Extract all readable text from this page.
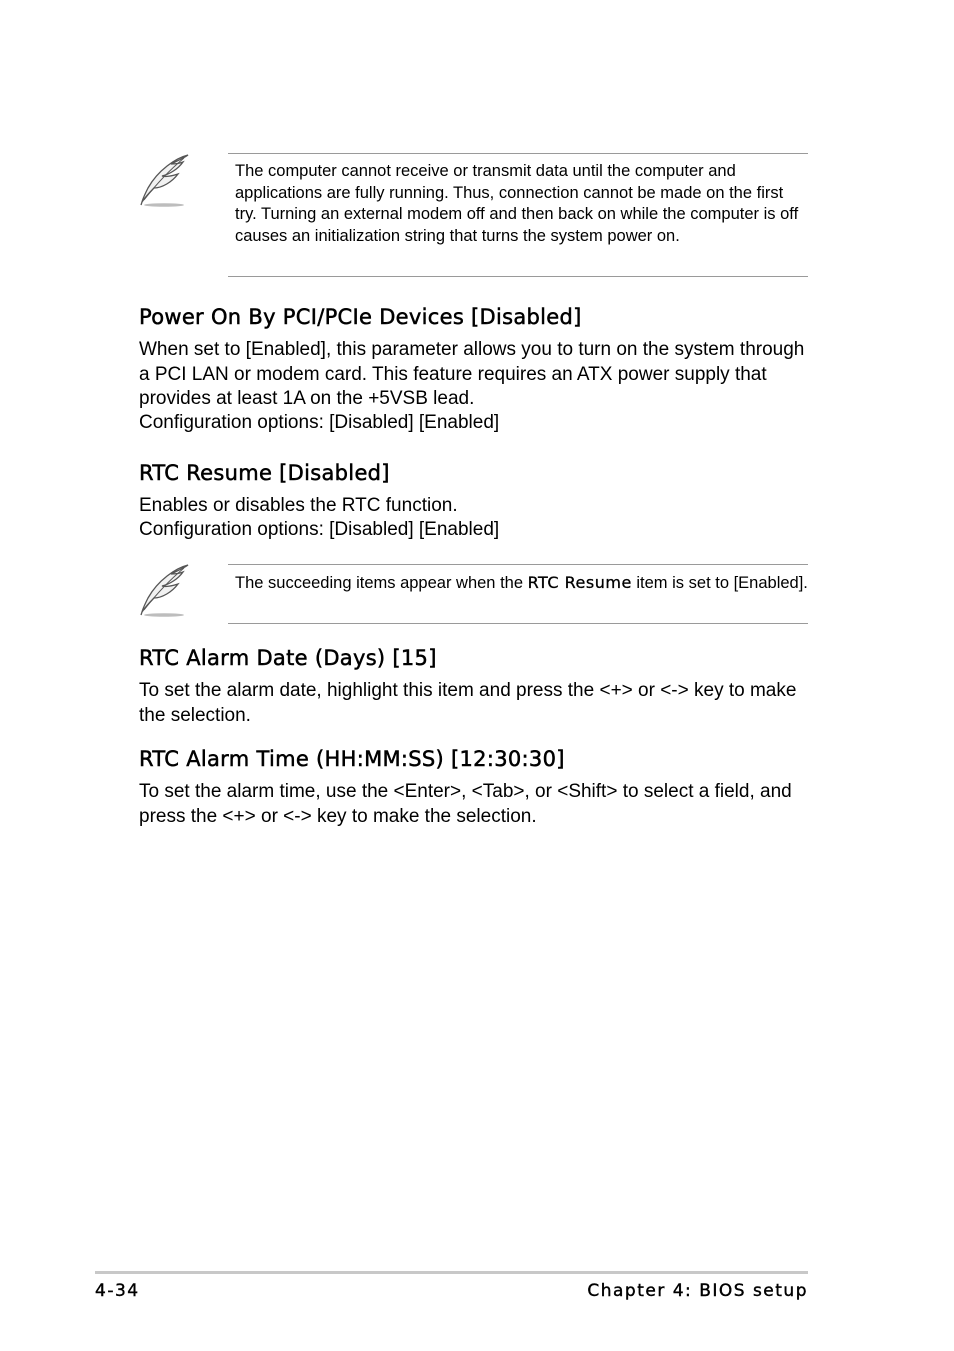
The computer cannot receive or transmit data until the computer and applications are fully running. Thus, connection cannot be made on the first try. Turning an external modem off and then back on while the computer is off causes an initialization string that turns the system power on.
Power On By PCI/PCIe Devices [Disabled]

When set to [Enabled], this parameter allows you to turn on the system through a PCI LAN or modem card. This feature requires an ATX power supply that provides at least 1A on the +5VSB lead.

Configuration options: [Disabled] [Enabled]

RTC Resume [Disabled]

Enables or disables the RTC function.

Configuration options: [Disabled] [Enabled]

The succeeding items appear when the RTC Resume item is set to [Enabled].
RTC Alarm Date (Days) [15]

To set the alarm date, highlight this item and press the <+> or <-> key to make the selection.

RTC Alarm Time (HH:MM:SS) [12:30:30]

To set the alarm time, use the <Enter>, <Tab>, or <Shift> to select a field, and press the <+> or <-> key to make the selection.

4-34	Chapter 4: BIOS setup
